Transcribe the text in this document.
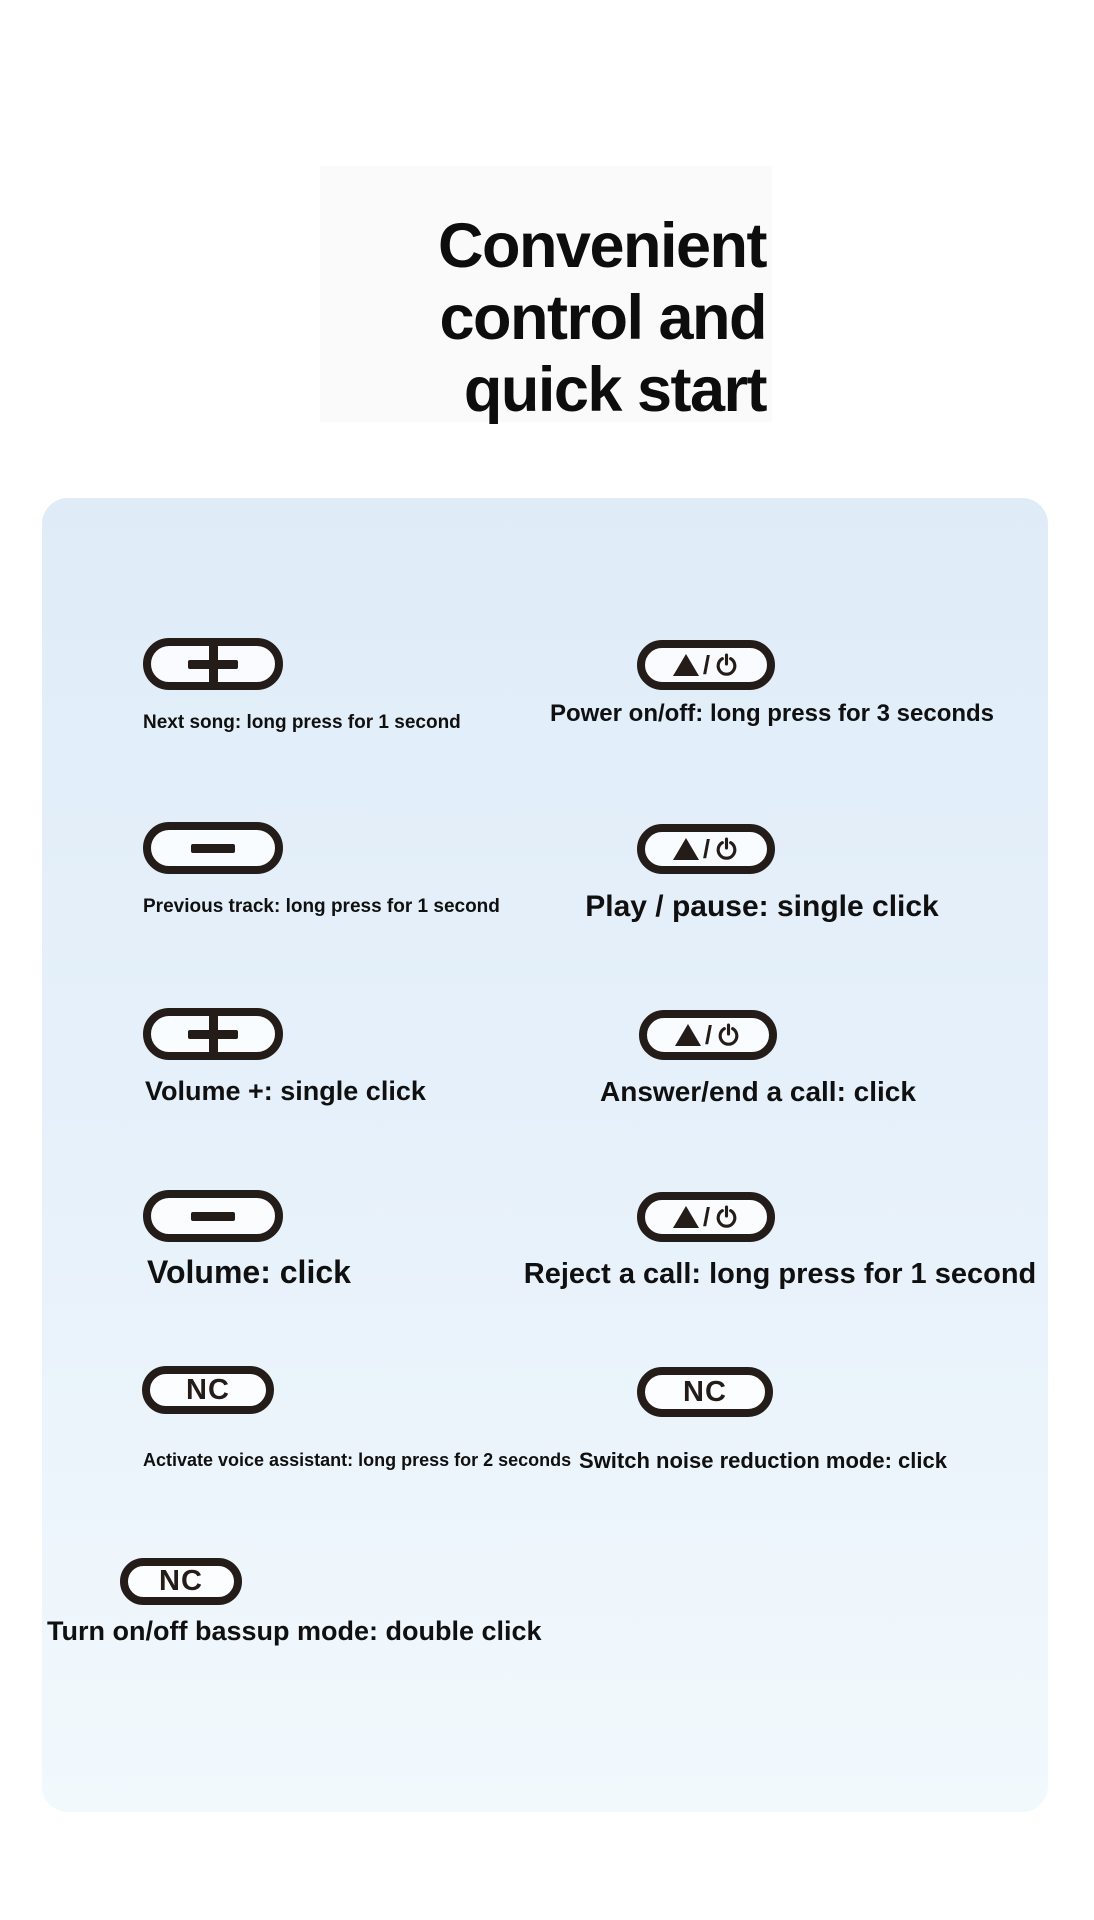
Convenient
control and
quick start
Next song: long press for 1 second
/
Power on/off: long press for 3 seconds
Previous track: long press for 1 second
/
Play / pause: single click
Volume +: single click
/
Answer/end a call: click
Volume: click
/
Reject a call: long press for 1 second
NC
Activate voice assistant: long press for 2 seconds
NC
Switch noise reduction mode: click
NC
Turn on/off bassup mode: double click
